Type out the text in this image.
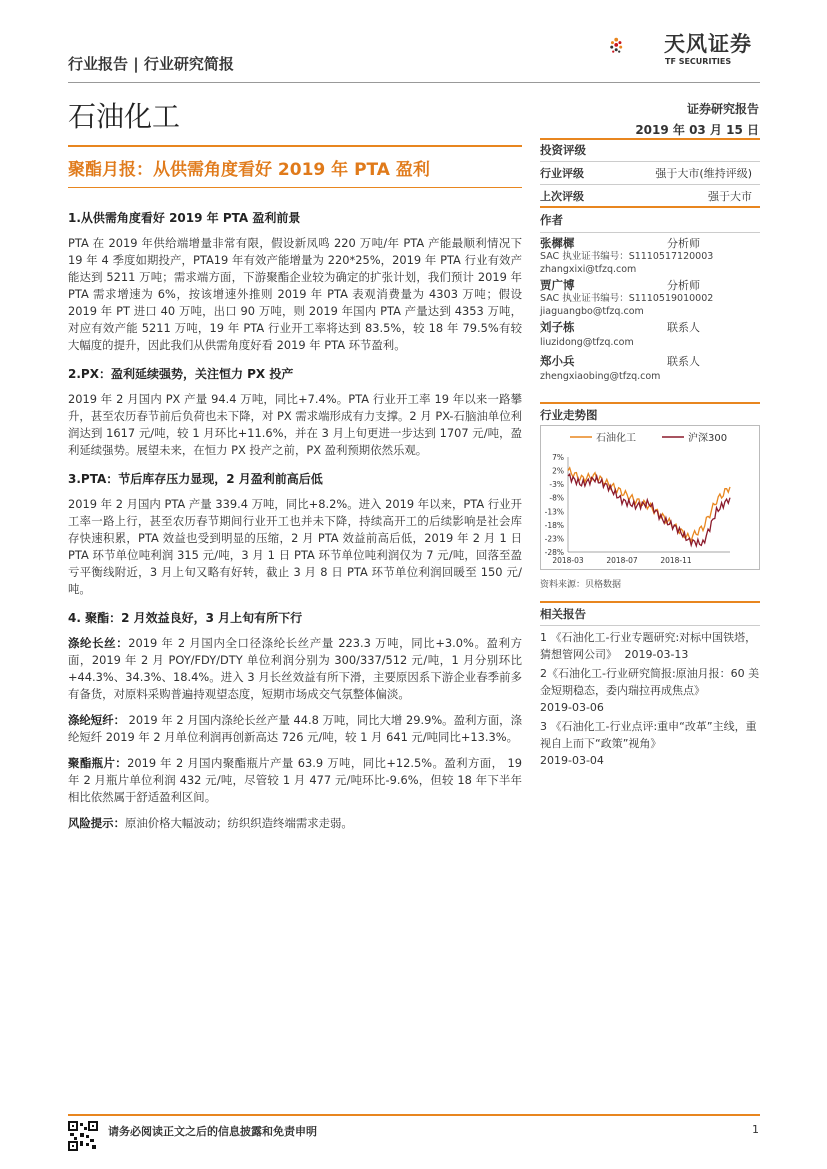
行业报告 | 行业研究简报
天风证券
TF SECURITIES
石油化工	证券研究报告
2019 年 03 月 15 日
聚酯月报：从供需角度看好 2019 年 PTA 盈利
1.从供需角度看好 2019 年 PTA 盈利前景

PTA 在 2019 年供给端增量非常有限，假设新凤鸣 220 万吨/年 PTA 产能最顺利情况下 19 年 4 季度如期投产，PTA19 年有效产能增量为 220*25%，2019 年 PTA 行业有效产能达到 5211 万吨；需求端方面，下游聚酯企业较为确定的扩张计划，我们预计 2019 年 PTA 需求增速为 6%，按该增速外推则 2019 年 PTA 表观消费量为 4303 万吨；假设 2019 年 PT 进口 40 万吨，出口 90 万吨，则 2019 年国内 PTA 产量达到 4353 万吨，对应有效产能 5211 万吨，19 年 PTA 行业开工率将达到 83.5%，较 18 年 79.5%有较大幅度的提升，因此我们从供需角度好看 2019 年 PTA 环节盈利。

2.PX：盈利延续强势，关注恒力 PX 投产

2019 年 2 月国内 PX 产量 94.4 万吨，同比+7.4%。PTA 行业开工率 19 年以来一路攀升，甚至农历春节前后负荷也未下降，对 PX 需求端形成有力支撑。2 月 PX-石脑油单位利润达到 1617 元/吨，较 1 月环比+11.6%，并在 3 月上旬更进一步达到 1707 元/吨，盈利延续强势。展望未来，在恒力 PX 投产之前，PX 盈利预期依然乐观。

3.PTA：节后库存压力显现，2 月盈利前高后低

2019 年 2 月国内 PTA 产量 339.4 万吨，同比+8.2%。进入 2019 年以来，PTA 行业开工率一路上行，甚至农历春节期间行业开工也并未下降，持续高开工的后续影响是社会库存快速积累，PTA 效益也受到明显的压缩，2 月 PTA 效益前高后低，2019 年 2 月 1 日 PTA 环节单位吨利润 315 元/吨，3 月 1 日 PTA 环节单位吨利润仅为 7 元/吨，回落至盈亏平衡线附近，3 月上旬又略有好转，截止 3 月 8 日 PTA 环节单位利润回暖至 150 元/吨。

4. 聚酯：2 月效益良好，3 月上旬有所下行

涤纶长丝：2019 年 2 月国内全口径涤纶长丝产量 223.3 万吨，同比+3.0%。盈利方面，2019 年 2 月 POY/FDY/DTY 单位利润分别为 300/337/512 元/吨，1 月分别环比+44.3%、34.3%、18.4%。进入 3 月长丝效益有所下滑，主要原因系下游企业春季前多有备货，对原料采购普遍持观望态度，短期市场成交气氛整体偏淡。

涤纶短纤： 2019 年 2 月国内涤纶长丝产量 44.8 万吨，同比大增 29.9%。盈利方面，涤纶短纤 2019 年 2 月单位利润再创新高达 726 元/吨，较 1 月 641 元/吨同比+13.3%。

聚酯瓶片：2019 年 2 月国内聚酯瓶片产量 63.9 万吨，同比+12.5%。盈利方面， 19 年 2 月瓶片单位利润 432 元/吨，尽管较 1 月 477 元/吨环比-9.6%，但较 18 年下半年相比依然属于舒适盈利区间。

风险提示：原油价格大幅波动；纺织织造终端需求走弱。

投资评级
行业评级	强于大市(维持评级)
上次评级	强于大市
作者
张樨樨	分析师
SAC 执业证书编号：S1110517120003
zhangxixi@tfzq.com
贾广博	分析师
SAC 执业证书编号：S1110519010002
jiaguangbo@tfzq.com
刘子栋	联系人
liuzidong@tfzq.com
郑小兵	联系人
zhengxiaobing@tfzq.com
行业走势图
石油化工	沪深300
7%
2%
-3%
-8%
-13%
-18%
-23%
-28%
2018-03	2018-07	2018-11
资料来源：贝格数据
相关报告
1 《石油化工-行业专题研究:对标中国铁塔，猜想管网公司》 2019-03-13
2《石油化工-行业研究简报:原油月报：60 美金短期稳态，委内瑞拉再成焦点》
2019-03-06
3 《石油化工-行业点评:重申“改革”主线，重视自上而下“政策”视角》
2019-03-04
请务必阅读正文之后的信息披露和免责申明	1
